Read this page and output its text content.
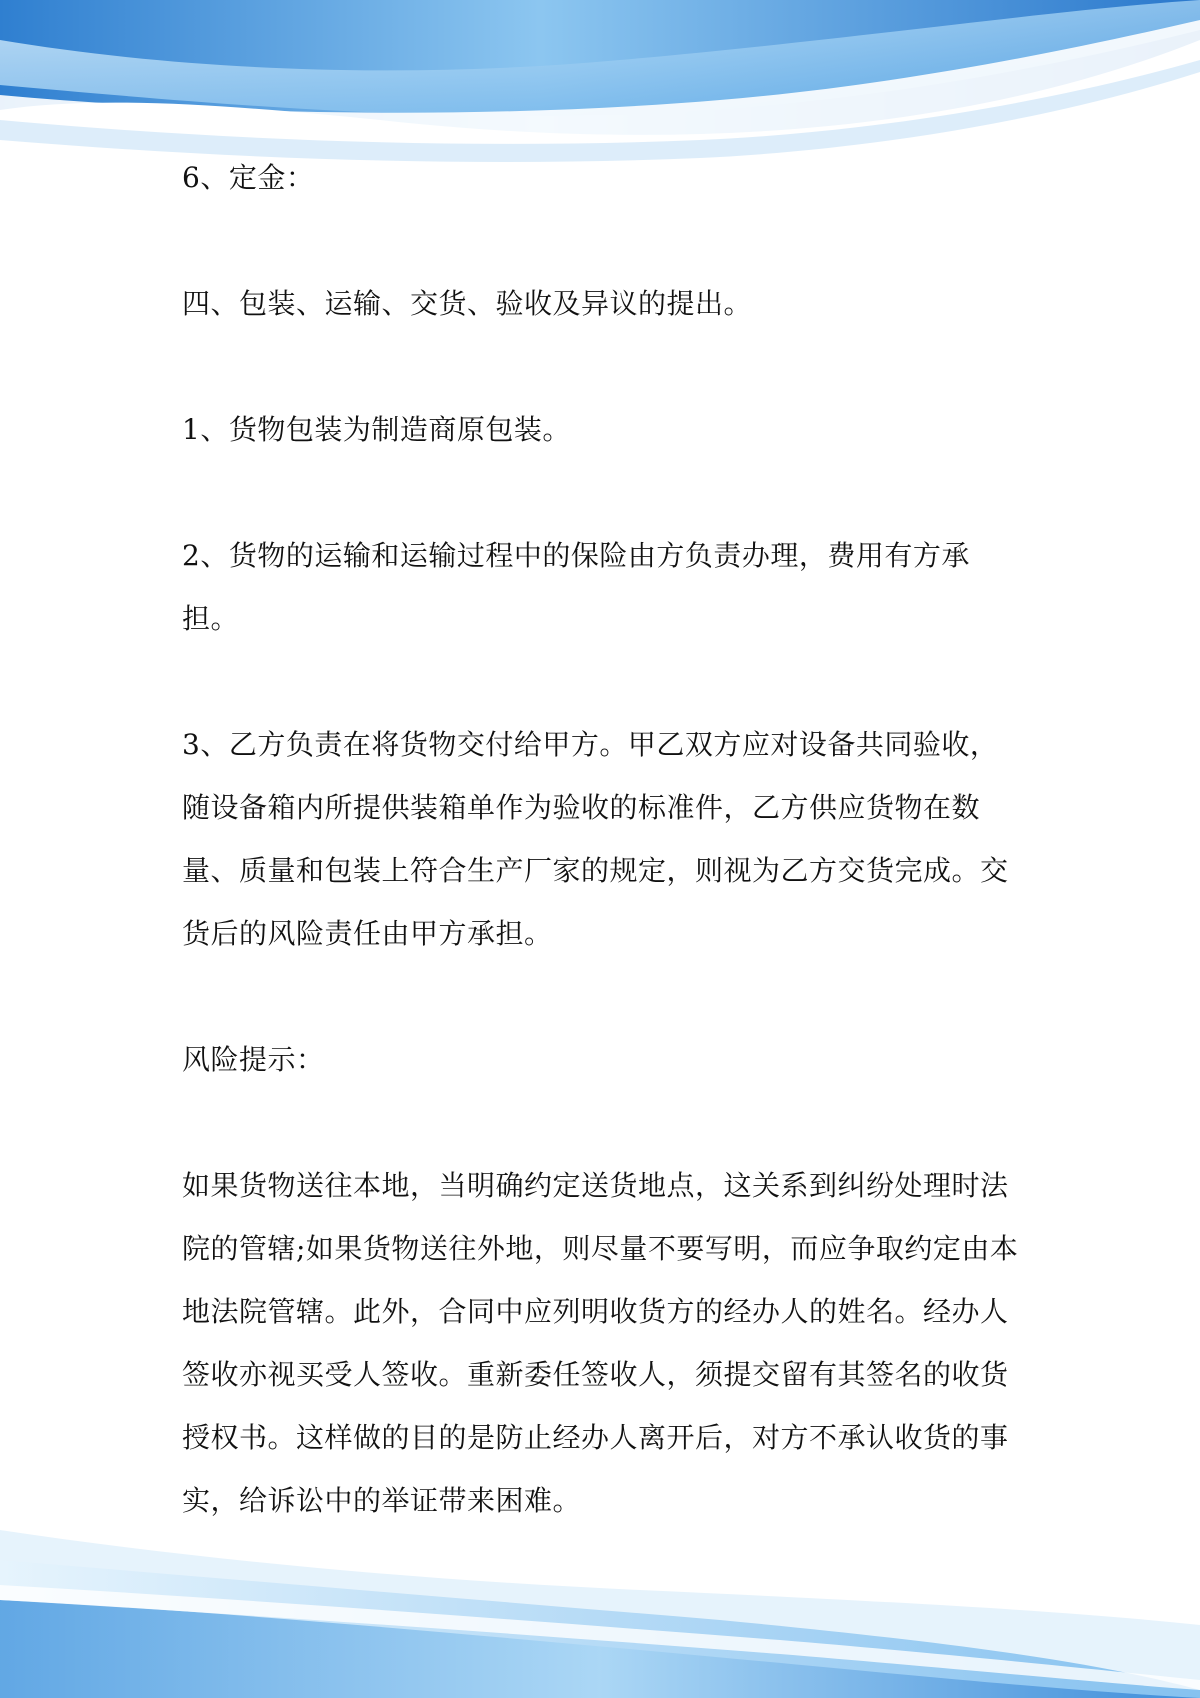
6、定金：

四、包装、运输、交货、验收及异议的提出。

1、货物包装为制造商原包装。

2、货物的运输和运输过程中的保险由方负责办理，费用有方承担。

3、乙方负责在将货物交付给甲方。甲乙双方应对设备共同验收，随设备箱内所提供装箱单作为验收的标准件，乙方供应货物在数量、质量和包装上符合生产厂家的规定，则视为乙方交货完成。交货后的风险责任由甲方承担。

风险提示：

如果货物送往本地，当明确约定送货地点，这关系到纠纷处理时法院的管辖;如果货物送往外地，则尽量不要写明，而应争取约定由本地法院管辖。此外，合同中应列明收货方的经办人的姓名。经办人签收亦视买受人签收。重新委任签收人，须提交留有其签名的收货授权书。这样做的目的是防止经办人离开后，对方不承认收货的事实，给诉讼中的举证带来困难。
